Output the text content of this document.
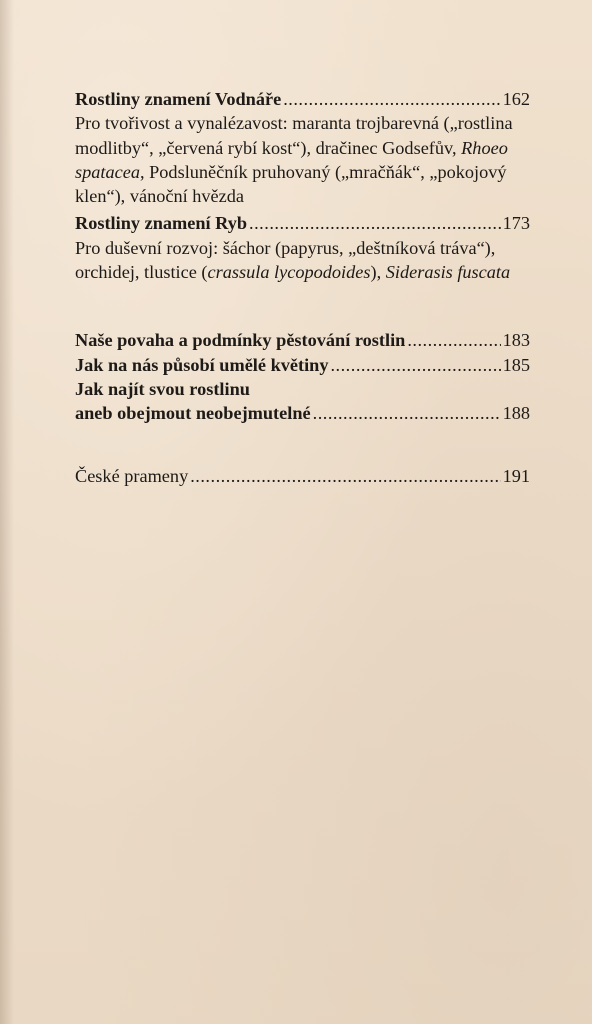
Rostliny znamení Vodnáře .....	162

Pro tvořivost a vynalézavost: maranta trojbarevná („rostlina modlitby“, „červená rybí kost“), dračinec Godsefův, Rhoeo spatacea, Podsluněčník pruhovaný („mračňák“, „pokojový klen“), vánoční hvězda

Rostliny znamení Ryb .....	173

Pro duševní rozvoj: šáchor (papyrus, „deštníková tráva“), orchidej, tlustice (crassula lycopodoides), Siderasis fuscata

Naše povaha a podmínky pěstování rostlin .....	183
Jak na nás působí umělé květiny .....	185
Jak najít svou rostlinu
aneb obejmout neobejmutelné .....	188
České prameny .....	191
